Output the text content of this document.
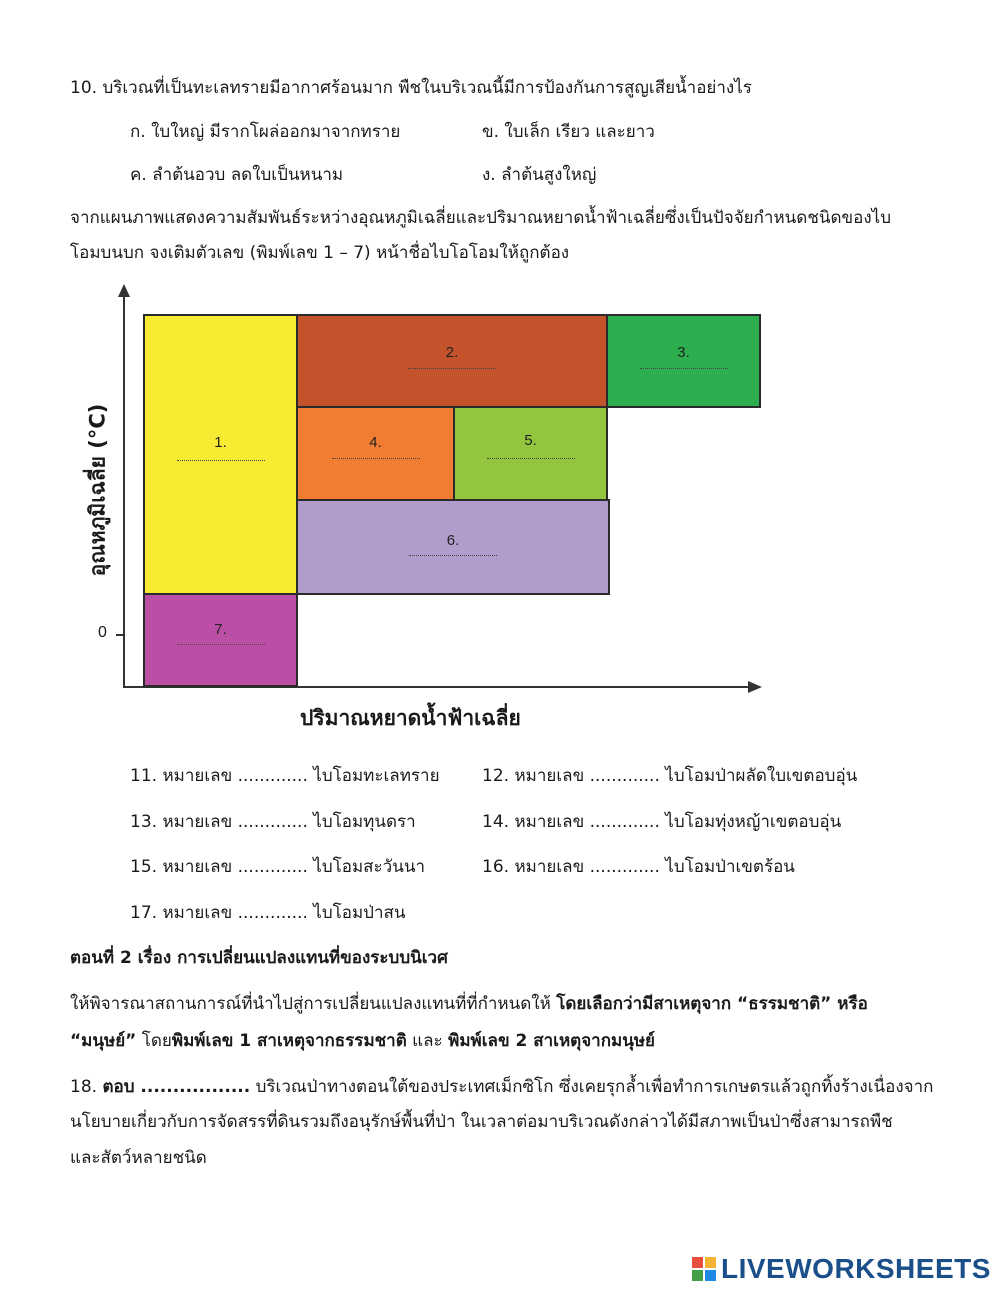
10. บริเวณที่เป็นทะเลทรายมีอากาศร้อนมาก พืชในบริเวณนี้มีการป้องกันการสูญเสียน้ำอย่างไร
ก. ใบใหญ่ มีรากโผล่ออกมาจากทราย	ข. ใบเล็ก เรียว และยาว
ค. ลำต้นอวบ ลดใบเป็นหนาม	ง. ลำต้นสูงใหญ่
จากแผนภาพแสดงความสัมพันธ์ระหว่างอุณหภูมิเฉลี่ยและปริมาณหยาดน้ำฟ้าเฉลี่ยซึ่งเป็นปัจจัยกำหนดชนิดของไบ
โอมบนบก จงเติมตัวเลข (พิมพ์เลข 1 – 7) หน้าชื่อไบโอโอมให้ถูกต้อง
0
อุณหภูมิเฉลี่ย (°C)
ปริมาณหยาดน้ำฟ้าเฉลี่ย
1.
2.	3.
4.	5.
6.
7.
11. หมายเลข ............. ไบโอมทะเลทราย 12. หมายเลข ............. ไบโอมป่าผลัดใบเขตอบอุ่น
13. หมายเลข ............. ไบโอมทุนดรา	14. หมายเลข ............. ไบโอมทุ่งหญ้าเขตอบอุ่น
15. หมายเลข ............. ไบโอมสะวันนา	16. หมายเลข ............. ไบโอมป่าเขตร้อน
17. หมายเลข ............. ไบโอมป่าสน
ตอนที่ 2 เรื่อง การเปลี่ยนแปลงแทนที่ของระบบนิเวศ
ให้พิจารณาสถานการณ์ที่นำไปสู่การเปลี่ยนแปลงแทนที่ที่กำหนดให้ โดยเลือกว่ามีสาเหตุจาก “ธรรมชาติ” หรือ
“มนุษย์” โดยพิมพ์เลข 1 สาเหตุจากธรรมชาติ และ พิมพ์เลข 2 สาเหตุจากมนุษย์
18. ตอบ ................. บริเวณป่าทางตอนใต้ของประเทศเม็กซิโก ซึ่งเคยรุกล้ำเพื่อทำการเกษตรแล้วถูกทิ้งร้างเนื่องจาก
นโยบายเกี่ยวกับการจัดสรรที่ดินรวมถึงอนุรักษ์พื้นที่ป่า ในเวลาต่อมาบริเวณดังกล่าวได้มีสภาพเป็นป่าซึ่งสามารถพืช
และสัตว์หลายชนิด
LIVEWORKSHEETS
